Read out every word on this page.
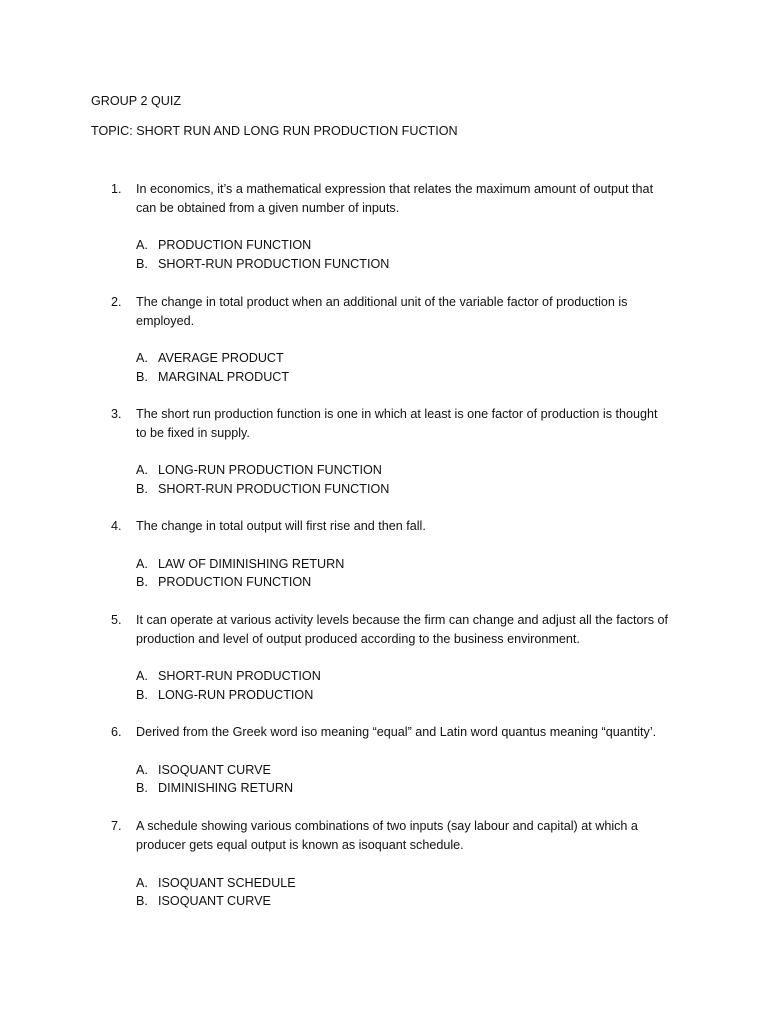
GROUP 2 QUIZ
TOPIC: SHORT RUN AND LONG RUN PRODUCTION FUCTION
1. In economics, it’s a mathematical expression that relates the maximum amount of output that
can be obtained from a given number of inputs.
A. PRODUCTION FUNCTION
B. SHORT-RUN PRODUCTION FUNCTION
2. The change in total product when an additional unit of the variable factor of production is
employed.
A. AVERAGE PRODUCT
B. MARGINAL PRODUCT
3. The short run production function is one in which at least is one factor of production is thought
to be fixed in supply.
A. LONG-RUN PRODUCTION FUNCTION
B. SHORT-RUN PRODUCTION FUNCTION
4. The change in total output will first rise and then fall.
A. LAW OF DIMINISHING RETURN
B. PRODUCTION FUNCTION
5. It can operate at various activity levels because the firm can change and adjust all the factors of
production and level of output produced according to the business environment.
A. SHORT-RUN PRODUCTION
B. LONG-RUN PRODUCTION
6. Derived from the Greek word iso meaning “equal” and Latin word quantus meaning “quantity’.
A. ISOQUANT CURVE
B. DIMINISHING RETURN
7. A schedule showing various combinations of two inputs (say labour and capital) at which a
producer gets equal output is known as isoquant schedule.
A. ISOQUANT SCHEDULE
B. ISOQUANT CURVE
